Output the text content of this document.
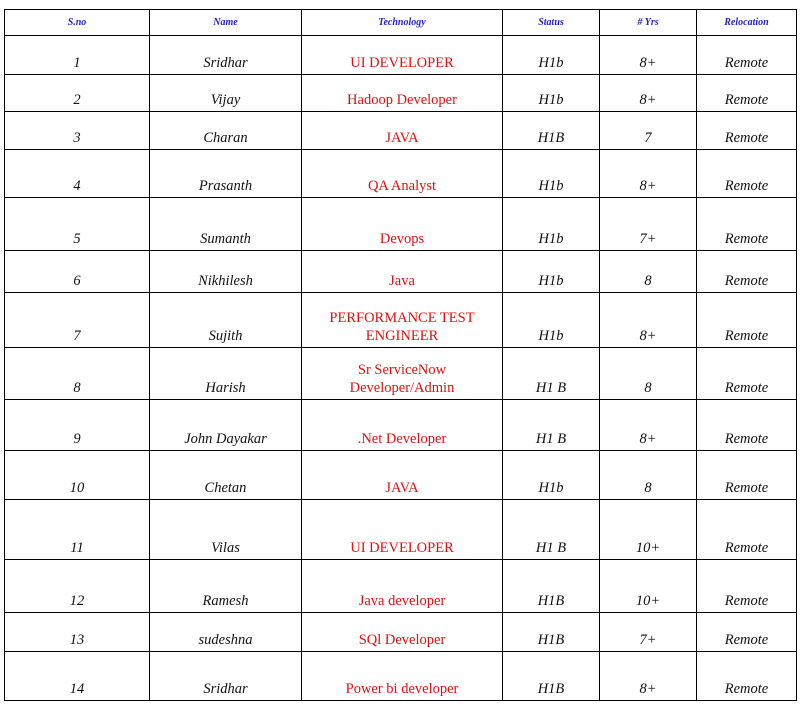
S.no	Name	Technology	Status	# Yrs	Relocation
1	Sridhar	UI DEVELOPER	H1b	8+	Remote
2	Vijay	Hadoop Developer	H1b	8+	Remote
3	Charan	JAVA	H1B	7	Remote
4	Prasanth	QA Analyst	H1b	8+	Remote
5	Sumanth	Devops	H1b	7+	Remote
6	Nikhilesh	Java	H1b	8	Remote
7	Sujith	PERFORMANCE TEST ENGINEER	H1b	8+	Remote
8	Harish	Sr ServiceNow Developer/Admin	H1 B	8	Remote
9	John Dayakar	.Net Developer	H1 B	8+	Remote
10	Chetan	JAVA	H1b	8	Remote
11	Vilas	UI DEVELOPER	H1 B	10+	Remote
12	Ramesh	Java developer	H1B	10+	Remote
13	sudeshna	SQl Developer	H1B	7+	Remote
14	Sridhar	Power bi developer	H1B	8+	Remote
